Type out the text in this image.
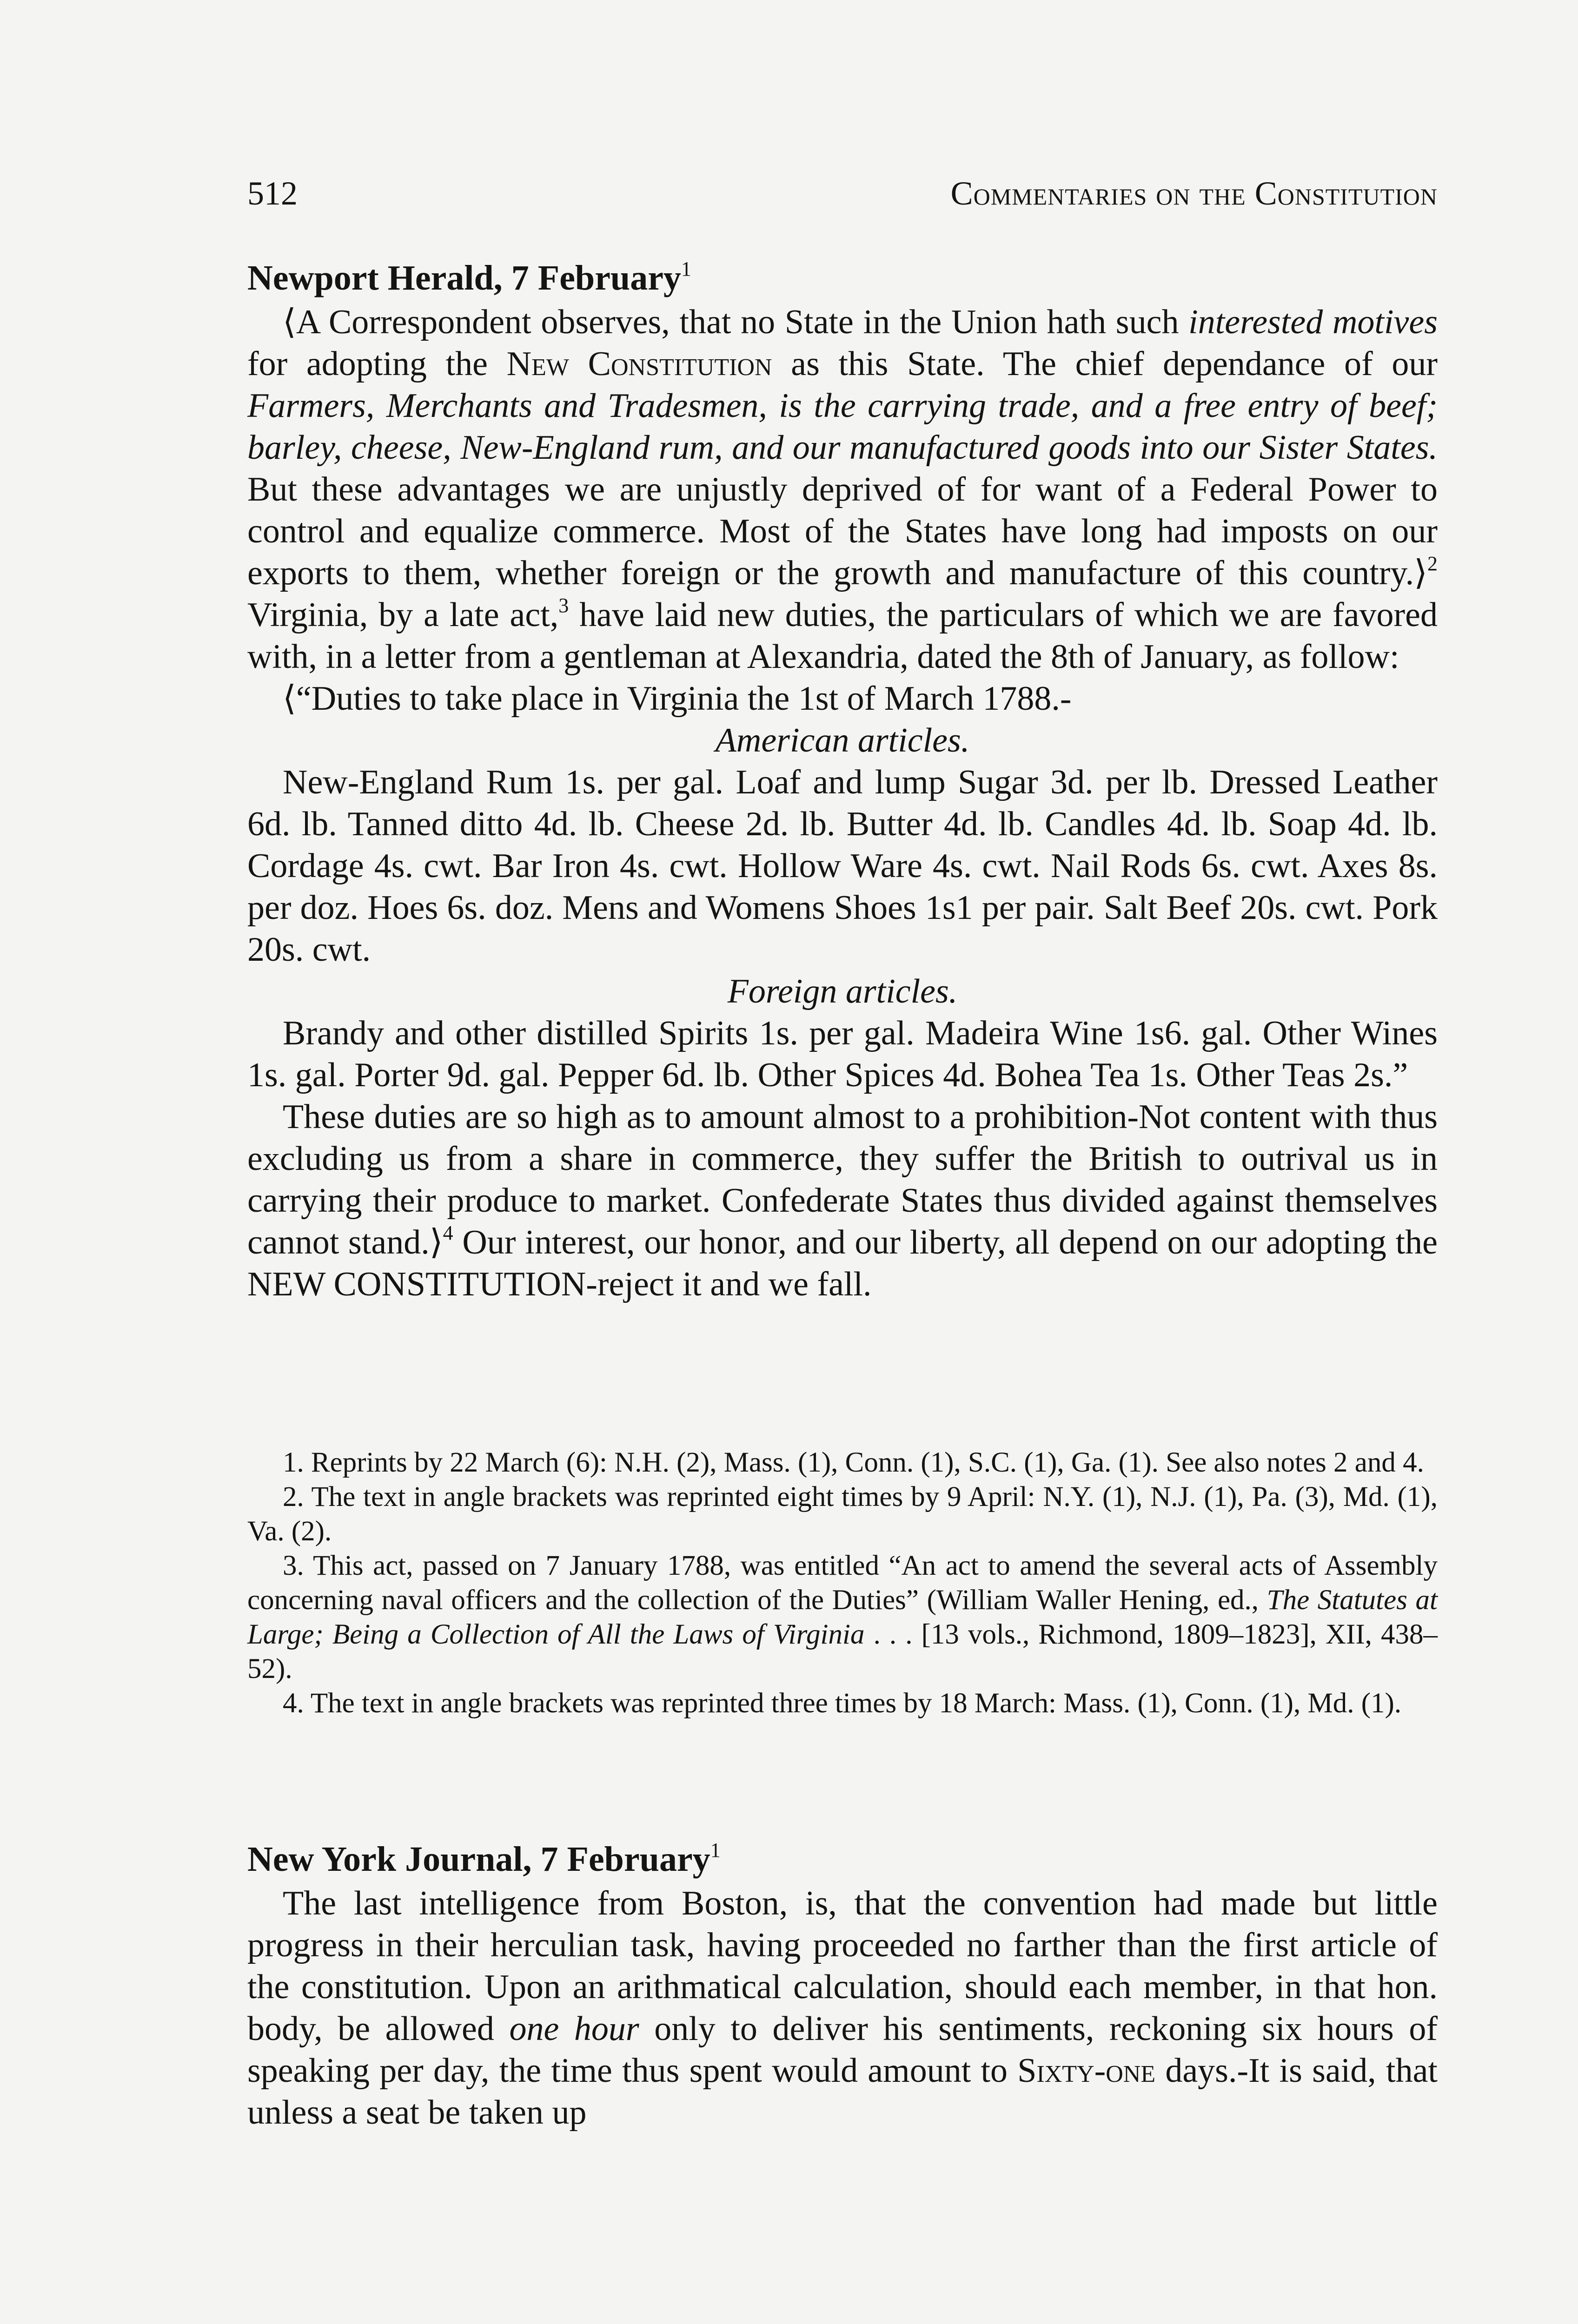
512	Commentaries on the Constitution

Newport Herald, 7 February$^1$

⟨A Correspondent observes, that no State in the Union hath such interested motives for adopting the New Constitution as this State. The chief dependance of our Farmers, Merchants and Tradesmen, is the carrying trade, and a free entry of beef; barley, cheese, New-England rum, and our manufactured goods into our Sister States. But these advantages we are unjustly deprived of for want of a Federal Power to control and equalize commerce. Most of the States have long had imposts on our exports to them, whether foreign or the growth and manufacture of this country.⟩$^2$ Virginia, by a late act,$^3$ have laid new duties, the particulars of which we are favored with, in a letter from a gentleman at Alexandria, dated the 8th of January, as follow:

⟨“Duties to take place in Virginia the 1st of March 1788.-

American articles.

New-England Rum 1s. per gal. Loaf and lump Sugar 3d. per lb. Dressed Leather 6d. lb. Tanned ditto 4d. lb. Cheese 2d. lb. Butter 4d. lb. Candles 4d. lb. Soap 4d. lb. Cordage 4s. cwt. Bar Iron 4s. cwt. Hollow Ware 4s. cwt. Nail Rods 6s. cwt. Axes 8s. per doz. Hoes 6s. doz. Mens and Womens Shoes 1s1 per pair. Salt Beef 20s. cwt. Pork 20s. cwt.

Foreign articles.

Brandy and other distilled Spirits 1s. per gal. Madeira Wine 1s6. gal. Other Wines 1s. gal. Porter 9d. gal. Pepper 6d. lb. Other Spices 4d. Bohea Tea 1s. Other Teas 2s.”

These duties are so high as to amount almost to a prohibition-Not content with thus excluding us from a share in commerce, they suffer the British to outrival us in carrying their produce to market. Confederate States thus divided against themselves cannot stand.⟩$^4$ Our interest, our honor, and our liberty, all depend on our adopting the NEW CONSTITUTION-reject it and we fall.

1. Reprints by 22 March (6): N.H. (2), Mass. (1), Conn. (1), S.C. (1), Ga. (1). See also notes 2 and 4.

2. The text in angle brackets was reprinted eight times by 9 April: N.Y. (1), N.J. (1), Pa. (3), Md. (1), Va. (2).

3. This act, passed on 7 January 1788, was entitled “An act to amend the several acts of Assembly concerning naval officers and the collection of the Duties” (William Waller Hening, ed., The Statutes at Large; Being a Collection of All the Laws of Virginia . . . [13 vols., Richmond, 1809–1823], XII, 438–52).

4. The text in angle brackets was reprinted three times by 18 March: Mass. (1), Conn. (1), Md. (1).

New York Journal, 7 February$^1$

The last intelligence from Boston, is, that the convention had made but little progress in their herculian task, having proceeded no farther than the first article of the constitution. Upon an arithmatical calculation, should each member, in that hon. body, be allowed one hour only to deliver his sentiments, reckoning six hours of speaking per day, the time thus spent would amount to Sixty-one days.-It is said, that unless a seat be taken up
